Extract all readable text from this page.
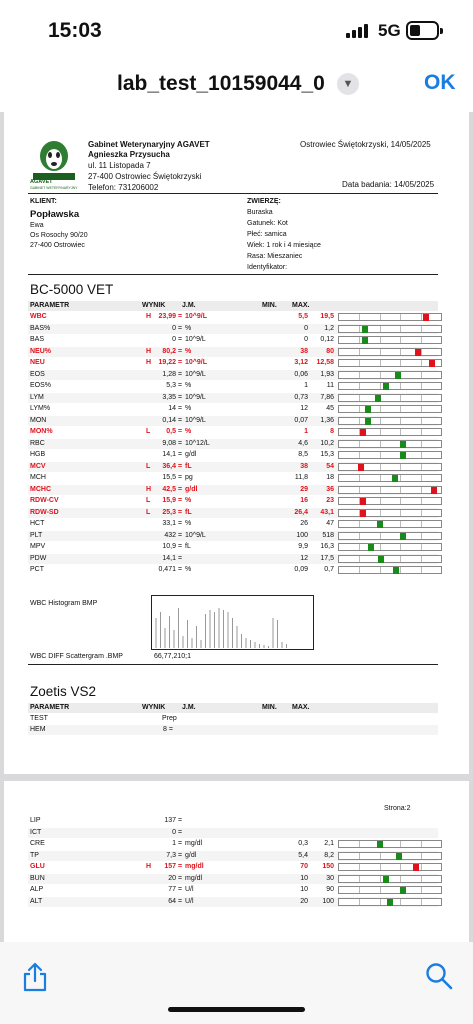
15:03	5G
lab_test_10159044_0	▼	OK
AGAVET
GABINET WETERYNARYJNY
Gabinet Weterynaryjny AGAVET
Agnieszka Przysucha
ul. 11 Listopada 7
27-400 Ostrowiec Świętokrzyski
Telefon: 731206002
Ostrowiec Świętokrzyski, 14/05/2025
Data badania: 14/05/2025
KLIENT:
Popławska
Ewa
Os Rosochy 90/20
27-400 Ostrowiec
ZWIERZĘ:
Buraska
Gatunek: Kot
Płeć: samica
Wiek: 1 rok i 4 miesiące
Rasa: Mieszaniec
Identyfikator:
BC-5000 VET
PARAMETR	WYNIK J.M.	MIN. MAX.
WBC	H 23,99 = 10^9/L	5,5 19,5
BAS%	0 = %	0 1,2
BAS	0 = 10^9/L	0 0,12
NEU%	H 80,2 = %	38	80
NEU	H 19,22 = 10^9/L	3,12 12,58
EOS	1,28 = 10^9/L	0,06 1,93
EOS%	5,3 = %	1	11
LYM	3,35 = 10^9/L	0,73 7,86
LYM%	14 = %	12	45
MON	0,14 = 10^9/L	0,07 1,36
MON%	L 0,5 = %	1	8
RBC	9,08 = 10^12/L	4,6 10,2
HGB	14,1 = g/dl	8,5 15,3
MCV	L 36,4 = fL	38	54
MCH	15,5 = pg	11,8	18
MCHC	H 42,5 = g/dl	29	36
RDW-CV	L 15,9 = %	16	23
RDW-SD	L 25,3 = fL	26,4 43,1
HCT	33,1 = %	26	47
PLT	432 = 10^9/L	100 518
MPV	10,9 = fL	9,9 16,3
PDW	14,1 =	12 17,5
PCT	0,471 = %	0,09 0,7
WBC Histogram BMP
WBC DIFF Scattergram .BMP	66,77,210;1
Zoetis VS2
PARAMETR	WYNIK J.M.	MIN. MAX.
TEST	Prep
HEM	8 =
Strona:2
LIP	137 =
ICT	0 =
CRE	1 = mg/dl	0,3 2,1
TP	7,3 = g/dl	5,4 8,2
GLU	H 157 = mg/dl	70 150
BUN	20 = mg/dl	10	30
ALP	77 = U/l	10	90
ALT	64 = U/l	20 100
